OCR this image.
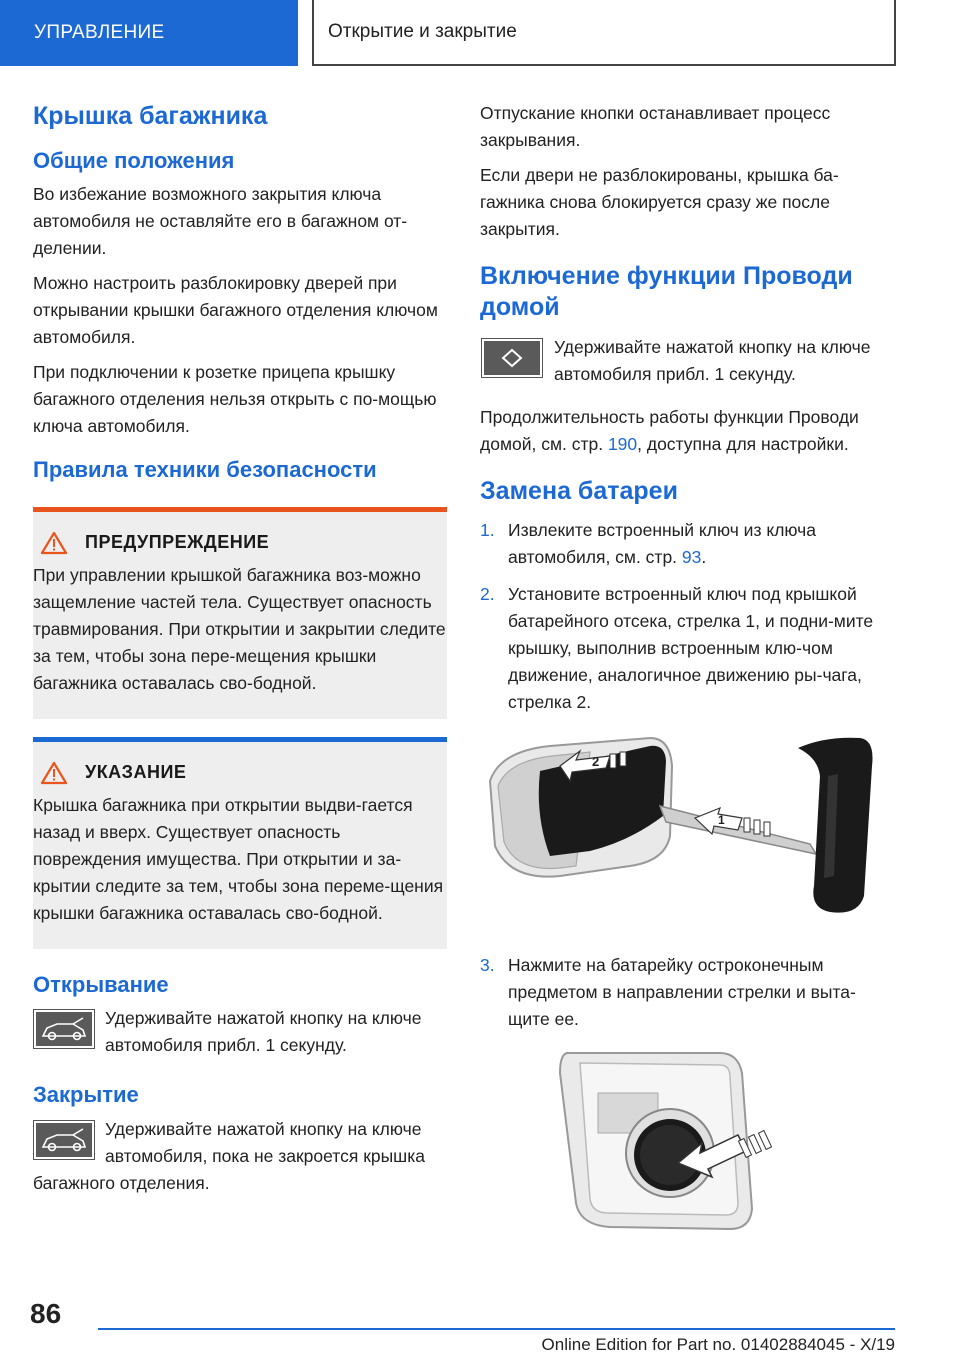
УПРАВЛЕНИЕ	Открытие и закрытие
Крышка багажника
Общие положения

Во избежание возможного закрытия ключа автомобиля не оставляйте его в багажном от-делении.

Можно настроить разблокировку дверей при открывании крышки багажного отделения ключом автомобиля.

При подключении к розетке прицепа крышку багажного отделения нельзя открыть с по-мощью ключа автомобиля.

Правила техники безопасности
ПРЕДУПРЕЖДЕНИЕ

При управлении крышкой багажника воз-можно защемление частей тела. Существует опасность травмирования. При открытии и закрытии следите за тем, чтобы зона пере-мещения крышки багажника оставалась сво-бодной.

УКАЗАНИЕ

Крышка багажника при открытии выдви-гается назад и вверх. Существует опасность повреждения имущества. При открытии и за-крытии следите за тем, чтобы зона переме-щения крышки багажника оставалась сво-бодной.

Открывание

Удерживайте нажатой кнопку на ключе автомобиля прибл. 1 секунду.

Закрытие

Удерживайте нажатой кнопку на ключе автомобиля, пока не закроется крышка багажного отделения.

Отпускание кнопки останавливает процесс закрывания.

Если двери не разблокированы, крышка ба-гажника снова блокируется сразу же после закрытия.

Включение функции Проводи домой

Удерживайте нажатой кнопку на ключе автомобиля прибл. 1 секунду.

Продолжительность работы функции Проводи домой, см. стр. 190, доступна для настройки.

Замена батареи
1. Извлеките встроенный ключ из ключа автомобиля, см. стр. 93.
2. Установите встроенный ключ под крышкой батарейного отсека, стрелка 1, и подни-мите крышку, выполнив встроенным клю-чом движение, аналогичное движению ры-чага, стрелка 2.
2
1
3. Нажмите на батарейку остроконечным предметом в направлении стрелки и выта-щите ее.
86
Online Edition for Part no. 01402884045 - X/19
